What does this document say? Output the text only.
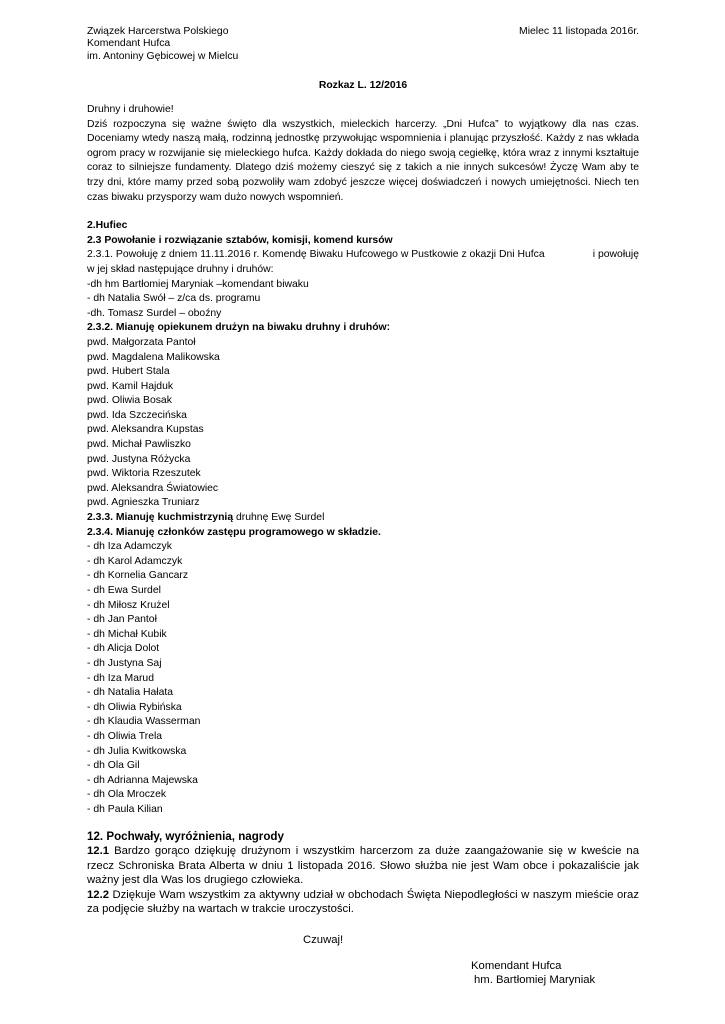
Związek Harcerstwa Polskiego
Komendant Hufca
im. Antoniny Gębicowej w Mielcu
Mielec 11 listopada 2016r.
Rozkaz L. 12/2016
Druhny i druhowie!

Dziś rozpoczyna się ważne święto dla wszystkich, mieleckich harcerzy. „Dni Hufca” to wyjątkowy dla nas czas. Doceniamy wtedy naszą małą, rodzinną jednostkę przywołując wspomnienia i planując przyszłość. Każdy z nas wkłada ogrom pracy w rozwijanie się mieleckiego hufca. Każdy dokłada do niego swoją cegiełkę, która wraz z innymi kształtuje coraz to silniejsze fundamenty. Dlatego dziś możemy cieszyć się z takich a nie innych sukcesów! Życzę Wam aby te trzy dni, które mamy przed sobą pozwoliły wam zdobyć jeszcze więcej doświadczeń i nowych umiejętności. Niech ten czas biwaku przysporzy wam dużo nowych wspomnień.

2.Hufiec
2.3 Powołanie i rozwiązanie sztabów, komisji, komend kursów
2.3.1. Powołuję z dniem 11.11.2016 r. Komendę Biwaku Hufcowego w Pustkowie z okazji Dni Hufca	i powołuję
w jej skład następujące druhny i druhów:
-dh hm Bartłomiej Maryniak –komendant biwaku
- dh Natalia Swół – z/ca ds. programu
-dh. Tomasz Surdel – oboźny
2.3.2. Mianuję opiekunem drużyn na biwaku druhny i druhów:
pwd. Małgorzata Pantoł
pwd. Magdalena Malikowska
pwd. Hubert Stala
pwd. Kamil Hajduk
pwd. Oliwia Bosak
pwd. Ida Szczecińska
pwd. Aleksandra Kupstas
pwd. Michał Pawliszko
pwd. Justyna Różycka
pwd. Wiktoria Rzeszutek
pwd. Aleksandra Światowiec
pwd. Agnieszka Truniarz
2.3.3. Mianuję kuchmistrzynią druhnę Ewę Surdel
2.3.4. Mianuję członków zastępu programowego w składzie.
- dh Iza Adamczyk
- dh Karol Adamczyk
- dh Kornelia Gancarz
- dh Ewa Surdel
- dh Miłosz Krużel
- dh Jan Pantoł
- dh Michał Kubik
- dh Alicja Dolot
- dh Justyna Saj
- dh Iza Marud
- dh Natalia Hałata
- dh Oliwia Rybińska
- dh Klaudia Wasserman
- dh Oliwia Trela
- dh Julia Kwitkowska
- dh Ola Gil
- dh Adrianna Majewska
- dh Ola Mroczek
- dh Paula Kilian
12. Pochwały, wyróżnienia, nagrody

12.1 Bardzo gorąco dziękuję drużynom i wszystkim harcerzom za duże zaangażowanie się w kweście na rzecz Schroniska Brata Alberta w dniu 1 listopada 2016. Słowo służba nie jest Wam obce i pokazaliście jak ważny jest dla Was los drugiego człowieka.

12.2 Dziękuje Wam wszystkim za aktywny udział w obchodach Święta Niepodległości w naszym mieście oraz za podjęcie służby na wartach w trakcie uroczystości.

Czuwaj!
Komendant Hufca
hm. Bartłomiej Maryniak
